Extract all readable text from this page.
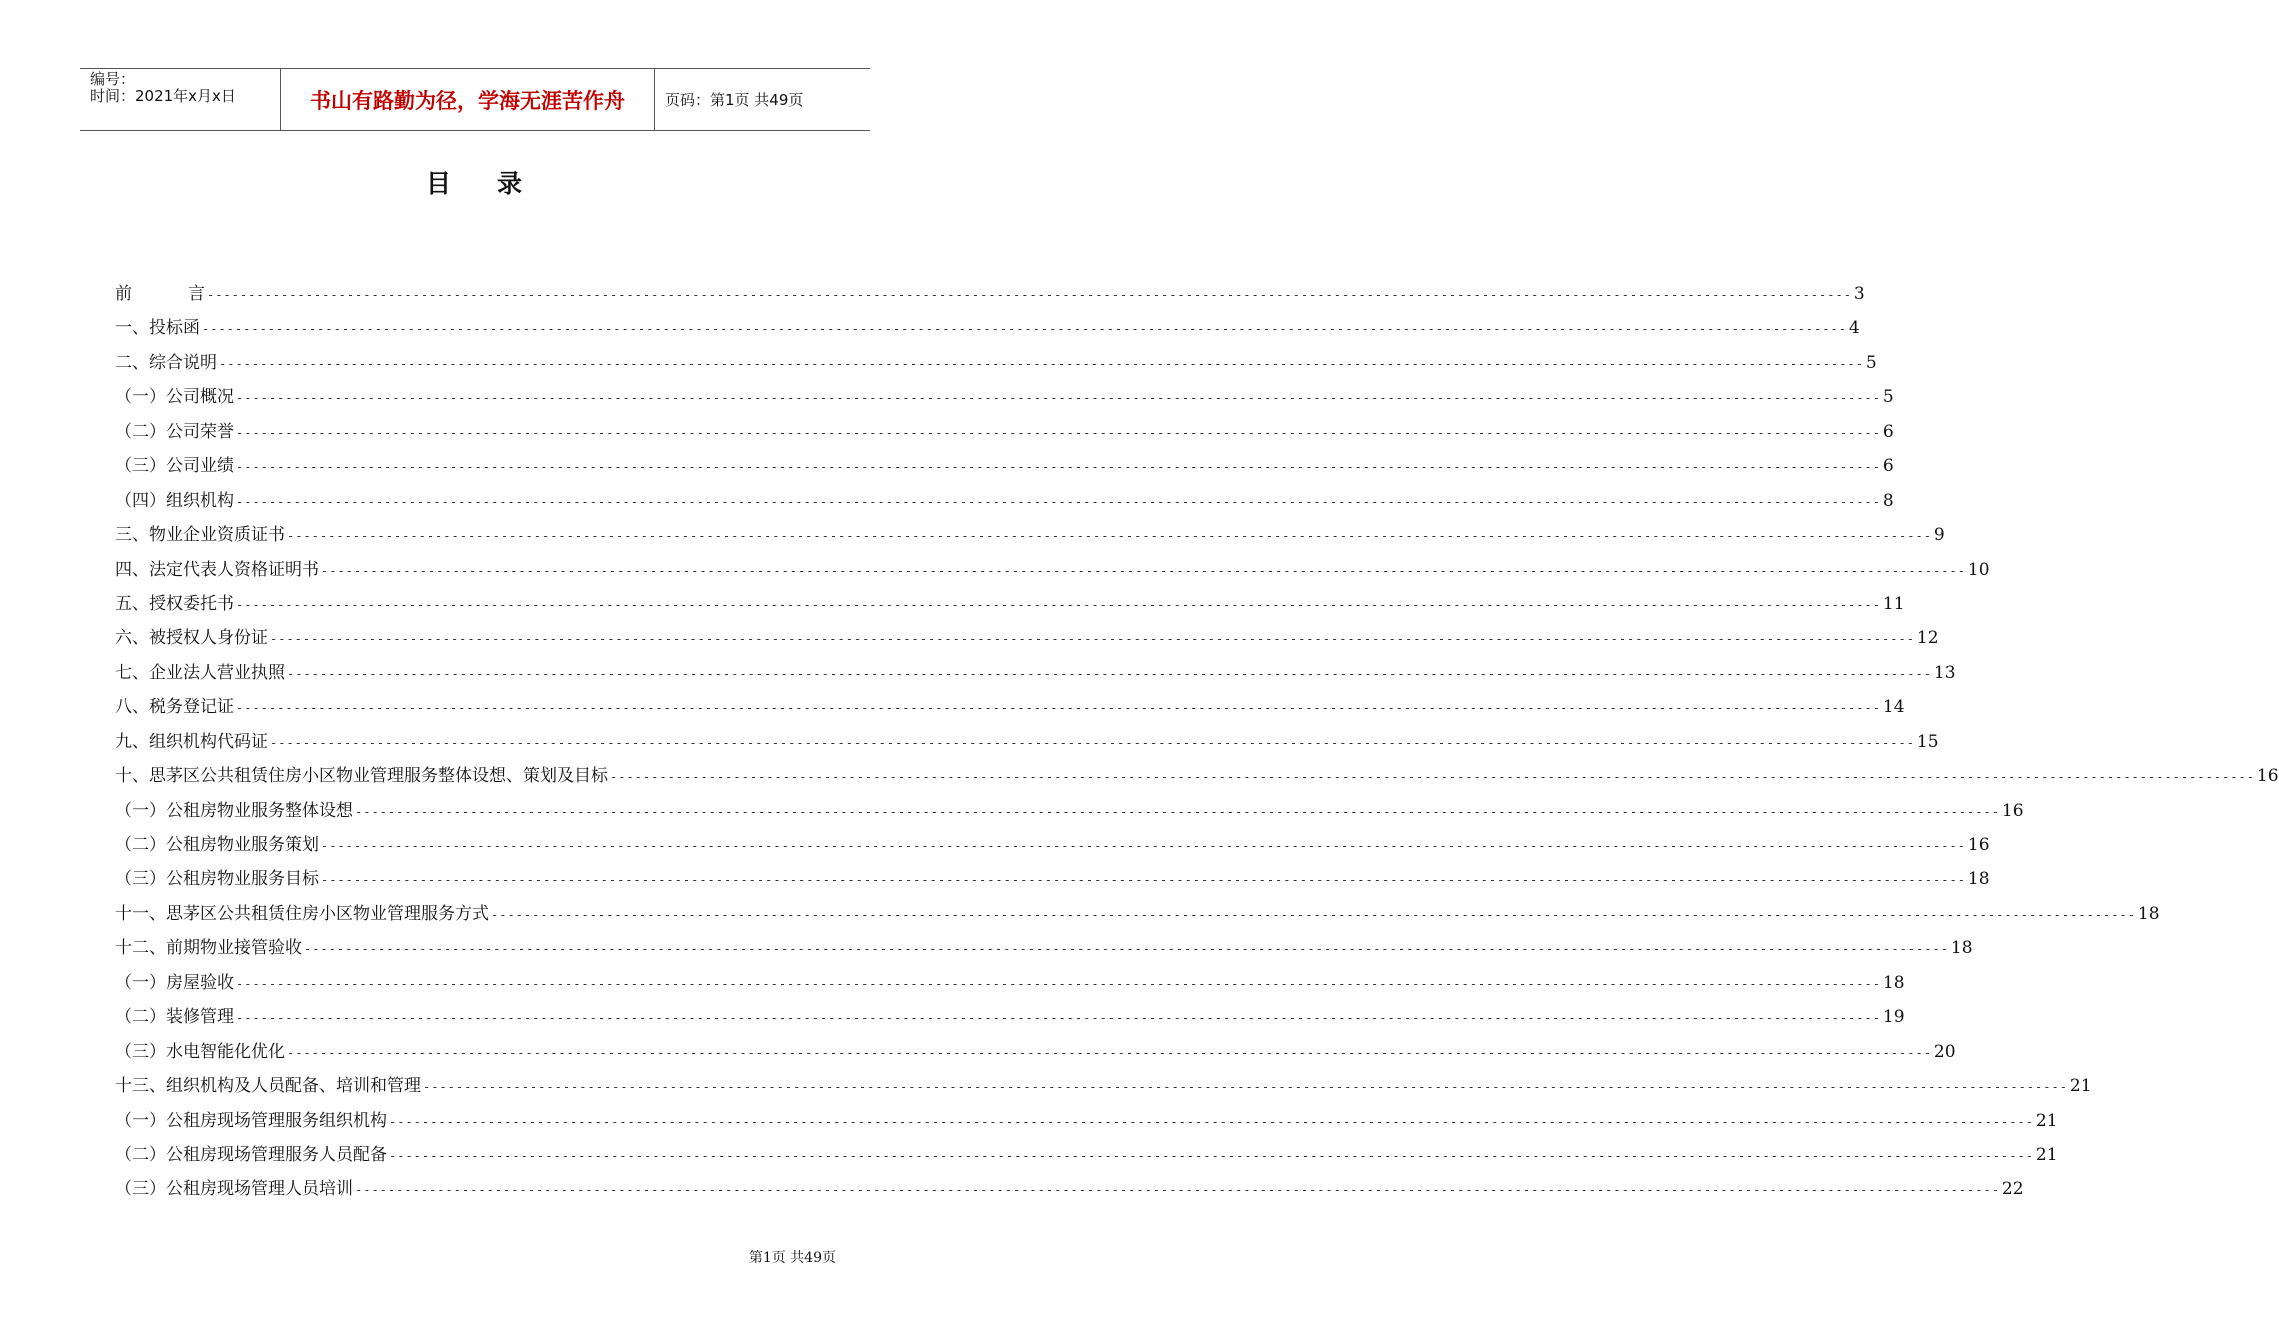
编号：
时间：2021年x月x日	书山有路勤为径，学海无涯苦作舟	页码：第1页 共49页
目 录
前	言 -------------------------------------------------------------------------------------------------------------------------------------------------------------------------------------------------------- 3
一、投标函 -------------------------------------------------------------------------------------------------------------------------------------------------------------------------------------------------------- 4
二、综合说明 -------------------------------------------------------------------------------------------------------------------------------------------------------------------------------------------------------- 5
（一）公司概况 -------------------------------------------------------------------------------------------------------------------------------------------------------------------------------------------------------- 5
（二）公司荣誉 -------------------------------------------------------------------------------------------------------------------------------------------------------------------------------------------------------- 6
（三）公司业绩 -------------------------------------------------------------------------------------------------------------------------------------------------------------------------------------------------------- 6
（四）组织机构 -------------------------------------------------------------------------------------------------------------------------------------------------------------------------------------------------------- 8
三、物业企业资质证书 -------------------------------------------------------------------------------------------------------------------------------------------------------------------------------------------------------- 9
四、法定代表人资格证明书 -------------------------------------------------------------------------------------------------------------------------------------------------------------------------------------------------------- 10
五、授权委托书 -------------------------------------------------------------------------------------------------------------------------------------------------------------------------------------------------------- 11
六、被授权人身份证 -------------------------------------------------------------------------------------------------------------------------------------------------------------------------------------------------------- 12
七、企业法人营业执照 -------------------------------------------------------------------------------------------------------------------------------------------------------------------------------------------------------- 13
八、税务登记证 -------------------------------------------------------------------------------------------------------------------------------------------------------------------------------------------------------- 14
九、组织机构代码证 -------------------------------------------------------------------------------------------------------------------------------------------------------------------------------------------------------- 15
十、思茅区公共租赁住房小区物业管理服务整体设想、策划及目标 -------------------------------------------------------------------------------------------------------------------------------------------------------------------------------------------------------- 16
（一）公租房物业服务整体设想 -------------------------------------------------------------------------------------------------------------------------------------------------------------------------------------------------------- 16
（二）公租房物业服务策划 -------------------------------------------------------------------------------------------------------------------------------------------------------------------------------------------------------- 16
（三）公租房物业服务目标 -------------------------------------------------------------------------------------------------------------------------------------------------------------------------------------------------------- 18
十一、思茅区公共租赁住房小区物业管理服务方式 -------------------------------------------------------------------------------------------------------------------------------------------------------------------------------------------------------- 18
十二、前期物业接管验收 -------------------------------------------------------------------------------------------------------------------------------------------------------------------------------------------------------- 18
（一）房屋验收 -------------------------------------------------------------------------------------------------------------------------------------------------------------------------------------------------------- 18
（二）装修管理 -------------------------------------------------------------------------------------------------------------------------------------------------------------------------------------------------------- 19
（三）水电智能化优化 -------------------------------------------------------------------------------------------------------------------------------------------------------------------------------------------------------- 20
十三、组织机构及人员配备、培训和管理 -------------------------------------------------------------------------------------------------------------------------------------------------------------------------------------------------------- 21
（一）公租房现场管理服务组织机构 -------------------------------------------------------------------------------------------------------------------------------------------------------------------------------------------------------- 21
（二）公租房现场管理服务人员配备 -------------------------------------------------------------------------------------------------------------------------------------------------------------------------------------------------------- 21
（三）公租房现场管理人员培训 -------------------------------------------------------------------------------------------------------------------------------------------------------------------------------------------------------- 22
第1页 共49页
